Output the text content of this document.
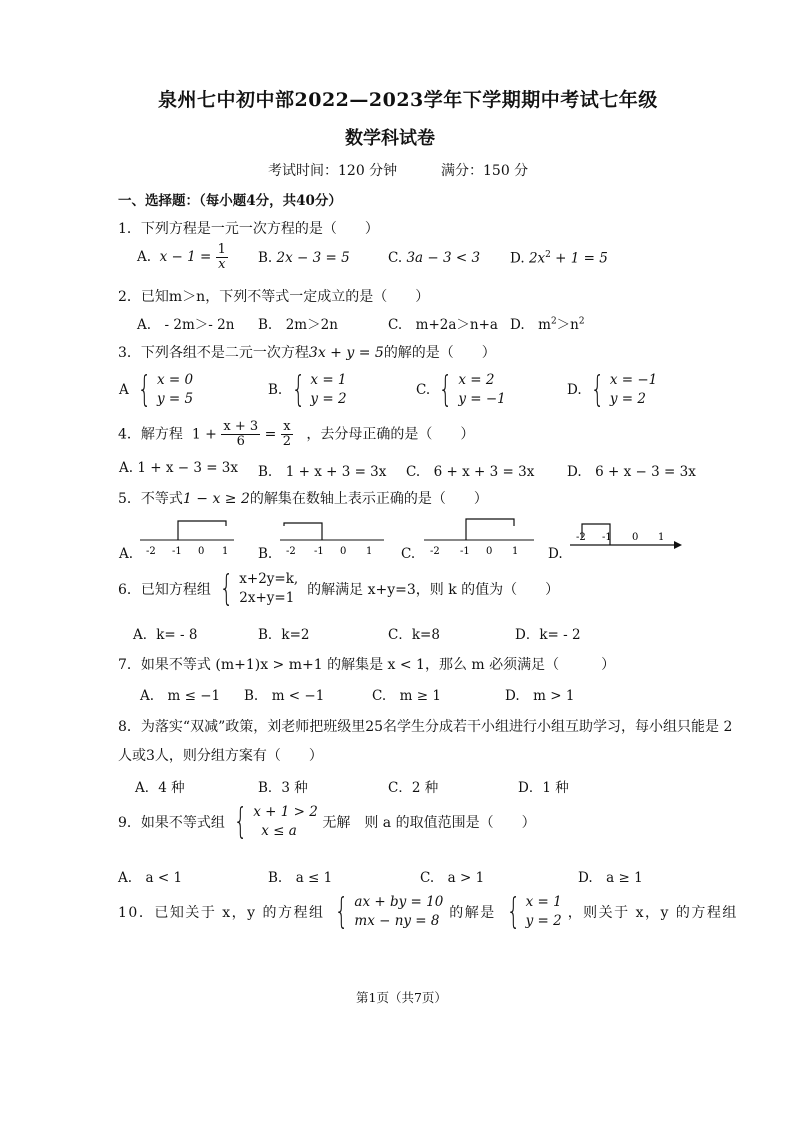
泉州七中初中部2022—2023学年下学期期中考试七年级
数学科试卷
考试时间：120 分钟	满分：150 分
一、选择题：（每小题4分，共40分）
1．下列方程是一元一次方程的是（　　）
A. $x - 1 = \frac{1}{x} B$. 2x − 3 = 5	C. 3a − 3 < 3 D. $2x^2 + 1 = 5$
2．已知m＞n，下列不等式一定成立的是（　　）
A.　- 2m＞- 2n B.　2m＞2n	C.　m+2a＞n+a D.　$m^2>n^2$
3．下列各组不是二元一次方程3x + y = 5的解的是（　　）
A { x = 0
y = 5
B. { x = 1
y = 2
C. { x = 2
y = −1
D. { x = −1
y = 2
4．解方程 $1 + \frac{x + 3}{6} = \frac{x}{2}$ ，去分母正确的是（　　）
A. 1 + x − 3 = 3x B.　1 + x + 3 = 3x C.　6 + x + 3 = 3x D.　6 + x − 3 = 3x
5．不等式1 − x ≥ 2的解集在数轴上表示正确的是（　　）
A. -2 -1 0 1 B. -2 -1 0 1 C. -2 -1 0 1 D.
-2 -1 0 1
6．已知方程组 { x+2y=k,
2x+y=1 的解满足 x+y=3，则 k 的值为（　　）
A．k= - 8	B．k=2	C．k=8	D．k= - 2
7．如果不等式 (m+1)x > m+1 的解集是 x < 1，那么 m 必须满足（　　　）
A.　m ≤ −1 B.　m < −1	C.　m ≥ 1	D.　m > 1
8．为落实“双减”政策，刘老师把班级里25名学生分成若干小组进行小组互助学习，每小组只能是 2
人或3人，则分组方案有（　　）
A．4 种	B．3 种	C．2 种	D．1 种
9．如果不等式组 { x + 1 > 2
x ≤ a	无解　则 a 的取值范围是（　　）
A.　a < 1	B.　a ≤ 1	C.　a > 1	D.　a ≥ 1
10．已知关于 x，y 的方程组 { ax + by = 10
mx − ny = 8 的解是 { x = 1
y = 2 ，则关于 x，y 的方程组
第1页（共7页）
